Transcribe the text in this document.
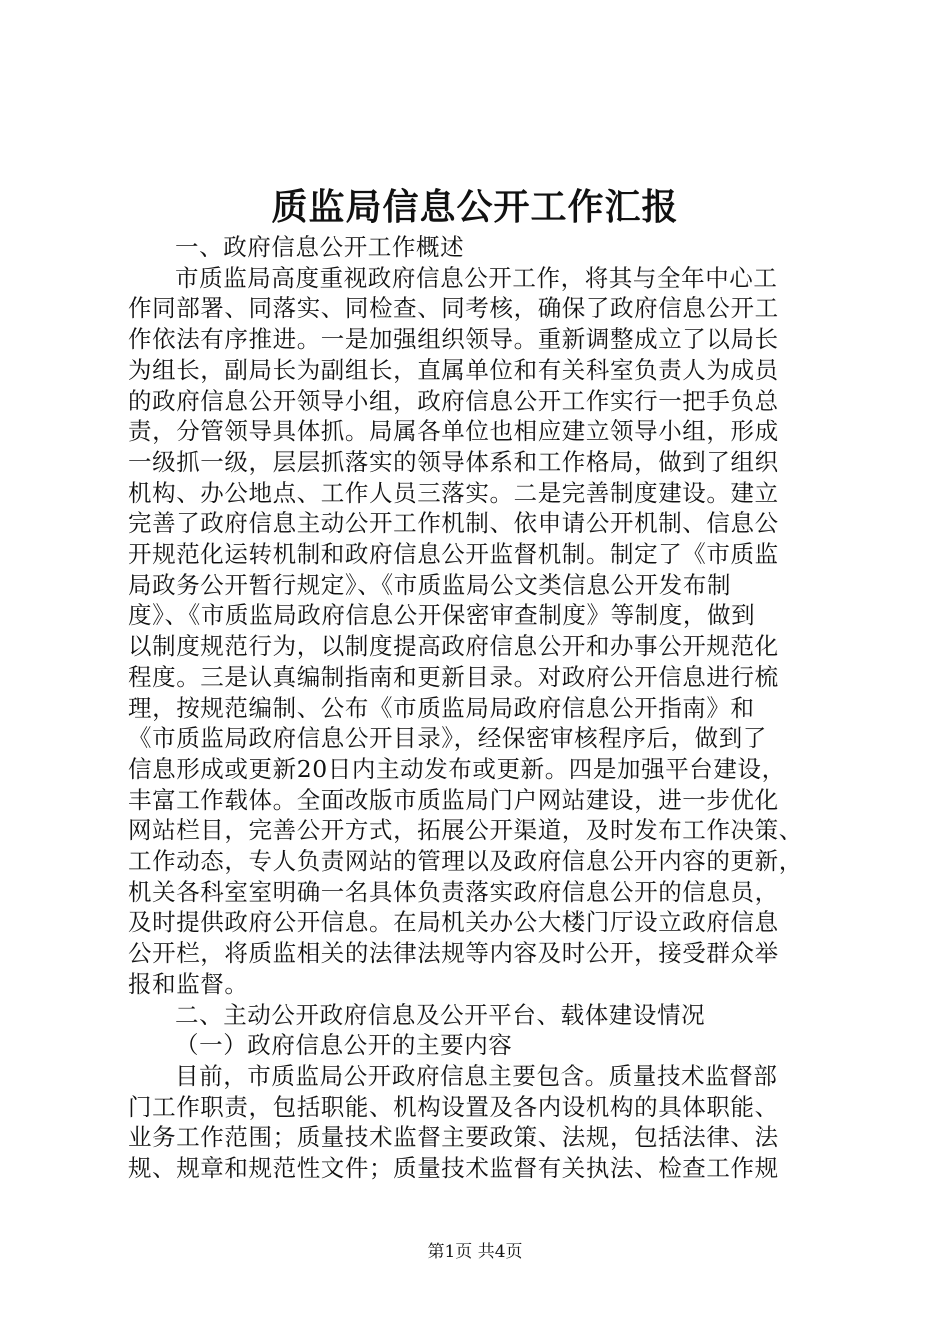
质监局信息公开工作汇报
一、政府信息公开工作概述
市质监局高度重视政府信息公开工作，将其与全年中心工
作同部署、同落实、同检查、同考核，确保了政府信息公开工
作依法有序推进。一是加强组织领导。重新调整成立了以局长
为组长，副局长为副组长，直属单位和有关科室负责人为成员
的政府信息公开领导小组，政府信息公开工作实行一把手负总
责，分管领导具体抓。局属各单位也相应建立领导小组，形成
一级抓一级，层层抓落实的领导体系和工作格局，做到了组织
机构、办公地点、工作人员三落实。二是完善制度建设。建立
完善了政府信息主动公开工作机制、依申请公开机制、信息公
开规范化运转机制和政府信息公开监督机制。制定了《市质监
局政务公开暂行规定》、《市质监局公文类信息公开发布制
度》、《市质监局政府信息公开保密审查制度》等制度，做到
以制度规范行为，以制度提高政府信息公开和办事公开规范化
程度。三是认真编制指南和更新目录。对政府公开信息进行梳
理，按规范编制、公布《市质监局局政府信息公开指南》和
《市质监局政府信息公开目录》，经保密审核程序后，做到了
信息形成或更新20日内主动发布或更新。四是加强平台建设，
丰富工作载体。全面改版市质监局门户网站建设，进一步优化
网站栏目，完善公开方式，拓展公开渠道，及时发布工作决策、
工作动态，专人负责网站的管理以及政府信息公开内容的更新，
机关各科室室明确一名具体负责落实政府信息公开的信息员，
及时提供政府公开信息。在局机关办公大楼门厅设立政府信息
公开栏，将质监相关的法律法规等内容及时公开，接受群众举
报和监督。
二、主动公开政府信息及公开平台、载体建设情况
（一）政府信息公开的主要内容
目前，市质监局公开政府信息主要包含。质量技术监督部
门工作职责，包括职能、机构设置及各内设机构的具体职能、
业务工作范围；质量技术监督主要政策、法规，包括法律、法
规、规章和规范性文件；质量技术监督有关执法、检查工作规
第1页 共4页
